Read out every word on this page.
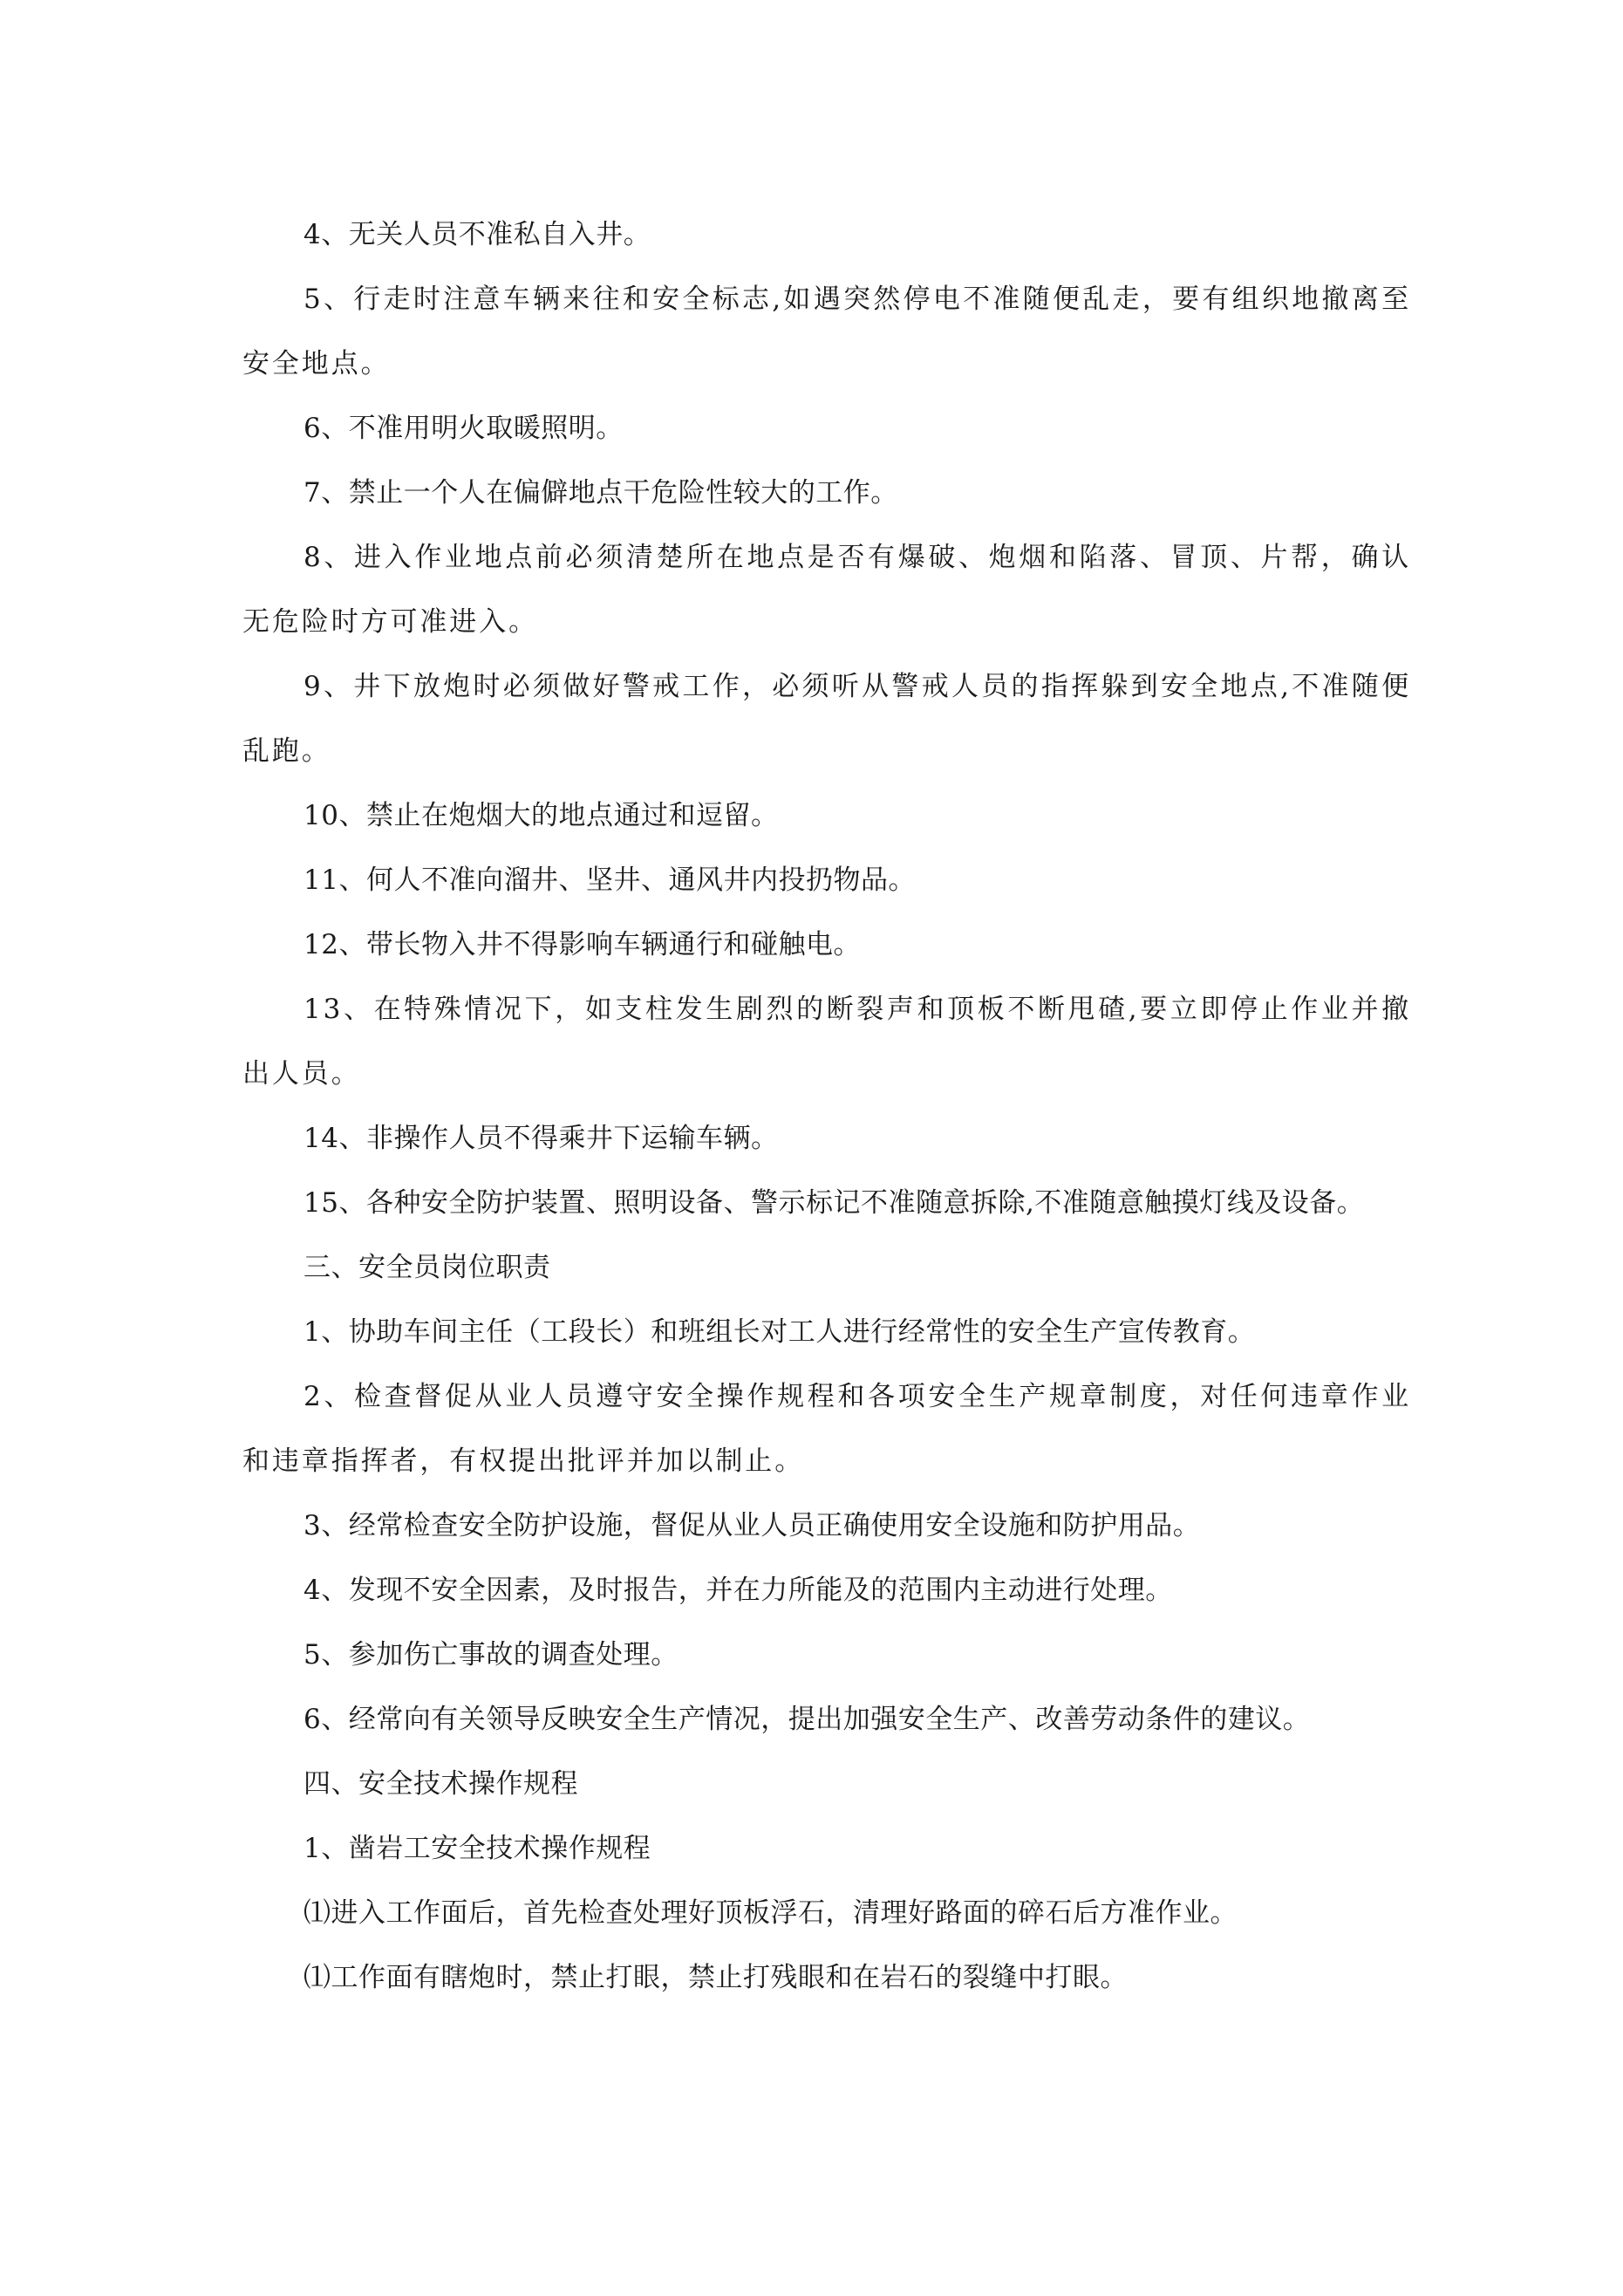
4、无关人员不准私自入井。

5、行走时注意车辆来往和安全标志,如遇突然停电不准随便乱走，要有组织地撤离至安全地点。

6、不准用明火取暖照明。

7、禁止一个人在偏僻地点干危险性较大的工作。

8、进入作业地点前必须清楚所在地点是否有爆破、炮烟和陷落、冒顶、片帮，确认无危险时方可准进入。

9、井下放炮时必须做好警戒工作，必须听从警戒人员的指挥躲到安全地点,不准随便乱跑。

10、禁止在炮烟大的地点通过和逗留。

11、何人不准向溜井、坚井、通风井内投扔物品。

12、带长物入井不得影响车辆通行和碰触电。

13、在特殊情况下，如支柱发生剧烈的断裂声和顶板不断甩碴,要立即停止作业并撤出人员。

14、非操作人员不得乘井下运输车辆。

15、各种安全防护装置、照明设备、警示标记不准随意拆除,不准随意触摸灯线及设备。

三、安全员岗位职责

1、协助车间主任（工段长）和班组长对工人进行经常性的安全生产宣传教育。

2、检查督促从业人员遵守安全操作规程和各项安全生产规章制度，对任何违章作业和违章指挥者，有权提出批评并加以制止。

3、经常检查安全防护设施，督促从业人员正确使用安全设施和防护用品。

4、发现不安全因素，及时报告，并在力所能及的范围内主动进行处理。

5、参加伤亡事故的调查处理。

6、经常向有关领导反映安全生产情况，提出加强安全生产、改善劳动条件的建议。

四、安全技术操作规程

1、凿岩工安全技术操作规程

⑴进入工作面后，首先检查处理好顶板浮石，清理好路面的碎石后方准作业。

⑴工作面有瞎炮时，禁止打眼，禁止打残眼和在岩石的裂缝中打眼。
